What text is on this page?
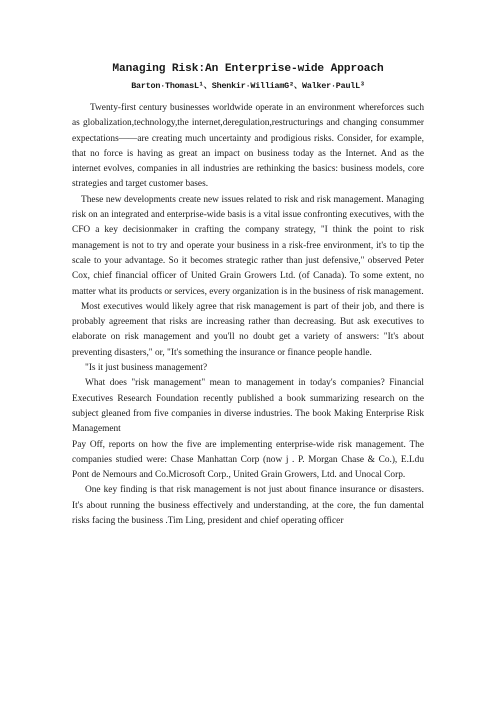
Managing Risk:An Enterprise-wide Approach
Barton·ThomasL¹、Shenkir·WilliamG²、Walker·PaulL³

Twenty-first century businesses worldwide operate in an environment whereforces such as globalization,technology,the internet,deregulation,restructurings and changing consummer expectations——are creating much uncertainty and prodigious risks. Consider, for example, that no force is having as great an impact on business today as the Internet. And as the internet evolves, companies in all industries are rethinking the basics: business models, core strategies and target customer bases.

These new developments create new issues related to risk and risk management. Managing risk on an integrated and enterprise-wide basis is a vital issue confronting executives, with the CFO a key decisionmaker in crafting the company strategy, "I think the point to risk management is not to try and operate your business in a risk-free environment, it's to tip the scale to your advantage. So it becomes strategic rather than just defensive," observed Peter Cox, chief financial officer of United Grain Growers Ltd. (of Canada). To some extent, no matter what its products or services, every organization is in the business of risk management.

Most executives would likely agree that risk management is part of their job, and there is probably agreement that risks are increasing rather than decreasing. But ask executives to elaborate on risk management and you'll no doubt get a variety of answers: "It's about preventing disasters," or, "It's something the insurance or finance people handle.

"Is it just business management?

What does "risk management" mean to management in today's companies? Financial Executives Research Foundation recently published a book summarizing research on the subject gleaned from five companies in diverse industries. The book Making Enterprise Risk Management

Pay Off, reports on how the five are implementing enterprise-wide risk management. The companies studied were: Chase Manhattan Corp (now j . P. Morgan Chase & Co.), E.Ldu Pont de Nemours and Co.Microsoft Corp., United Grain Growers, Ltd. and Unocal Corp.

One key finding is that risk management is not just about finance insurance or disasters. It's about running the business effectively and understanding, at the core, the fun damental risks facing the business .Tim Ling, president and chief operating officer
